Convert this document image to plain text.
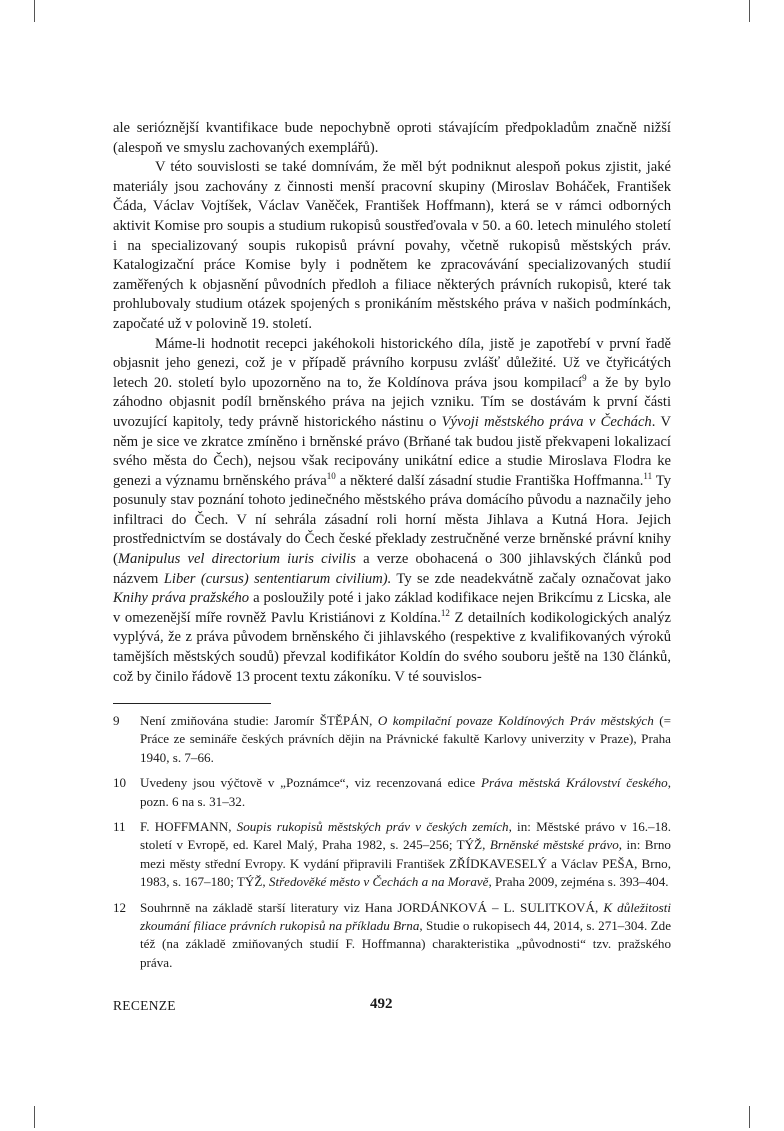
ale serióznější kvantifikace bude nepochybně oproti stávajícím předpokladům značně nižší (alespoň ve smyslu zachovaných exemplářů).

V této souvislosti se také domnívám, že měl být podniknut alespoň pokus zjistit, jaké materiály jsou zachovány z činnosti menší pracovní skupiny (Miroslav Boháček, František Čáda, Václav Vojtíšek, Václav Vaněček, František Hoffmann), která se v rámci odborných aktivit Komise pro soupis a studium rukopisů soustřeďovala v 50. a 60. letech minulého století i na specializovaný soupis rukopisů právní povahy, včetně rukopisů městských práv. Katalogizační práce Komise byly i podnětem ke zpracovávání specializovaných studií zaměřených k objasnění původních předloh a filiace některých právních rukopisů, které tak prohlubovaly studium otázek spojených s pronikáním městského práva v našich podmínkách, započaté už v polovině 19. století.

Máme-li hodnotit recepci jakéhokoli historického díla, jistě je zapotřebí v první řadě objasnit jeho genezi, což je v případě právního korpusu zvlášť důležité. Už ve čtyřicátých letech 20. století bylo upozorněno na to, že Koldínova práva jsou kompilací$^9$ a že by bylo záhodno objasnit podíl brněnského práva na jejich vzniku. Tím se dostávám k první části uvozující kapitoly, tedy právně historického nástinu o Vývoji městského práva v Čechách. V něm je sice ve zkratce zmíněno i brněnské právo (Brňané tak budou jistě překvapeni lokalizací svého města do Čech), nejsou však recipovány unikátní edice a studie Miroslava Flodra ke genezi a významu brněnského práva$^{10}$ a některé další zásadní studie Františka Hoffmanna.$^{11}$ Ty posunuly stav poznání tohoto jedinečného městského práva domácího původu a naznačily jeho infiltraci do Čech. V ní sehrála zásadní roli horní města Jihlava a Kutná Hora. Jejich prostřednictvím se dostávaly do Čech české překlady zestručněné verze brněnské právní knihy (Manipulus vel directorium iuris civilis a verze obohacená o 300 jihlavských článků pod názvem Liber (cursus) sententiarum civilium). Ty se zde neadekvátně začaly označovat jako Knihy práva pražského a posloužily poté i jako základ kodifikace nejen Brikcímu z Licska, ale v omezenější míře rovněž Pavlu Kristiánovi z Koldína.$^{12}$ Z detailních kodikologických analýz vyplývá, že z práva původem brněnského či jihlavského (respektive z kvalifikovaných výroků tamějších městských soudů) převzal kodifikátor Koldín do svého souboru ještě na 130 článků, což by činilo řádově 13 procent textu zákoníku. V té souvislos-

9	Není zmiňována studie: Jaromír ŠTĚPÁN, O kompilační povaze Koldínových Práv městských (= Práce ze semináře českých právních dějin na Právnické fakultě Karlovy univerzity v Praze), Praha 1940, s. 7–66.
10	Uvedeny jsou výčtově v „Poznámce“, viz recenzovaná edice Práva městská Království českého, pozn. 6 na s. 31–32.
11	F. HOFFMANN, Soupis rukopisů městských práv v českých zemích, in: Městské právo v 16.–18. století v Evropě, ed. Karel Malý, Praha 1982, s. 245–256; TÝŽ, Brněnské městské právo, in: Brno mezi městy střední Evropy. K vydání připravili František ZŘÍDKAVESELÝ a Václav PEŠA, Brno, 1983, s. 167–180; TÝŽ, Středověké město v Čechách a na Moravě, Praha 2009, zejména s. 393–404.
12	Souhrnně na základě starší literatury viz Hana JORDÁNKOVÁ – L. SULITKOVÁ, K důležitosti zkoumání filiace právních rukopisů na příkladu Brna, Studie o rukopisech 44, 2014, s. 271–304. Zde též (na základě zmiňovaných studií F. Hoffmanna) charakteristika „původnosti“ tzv. pražského práva.
RECENZE	492
